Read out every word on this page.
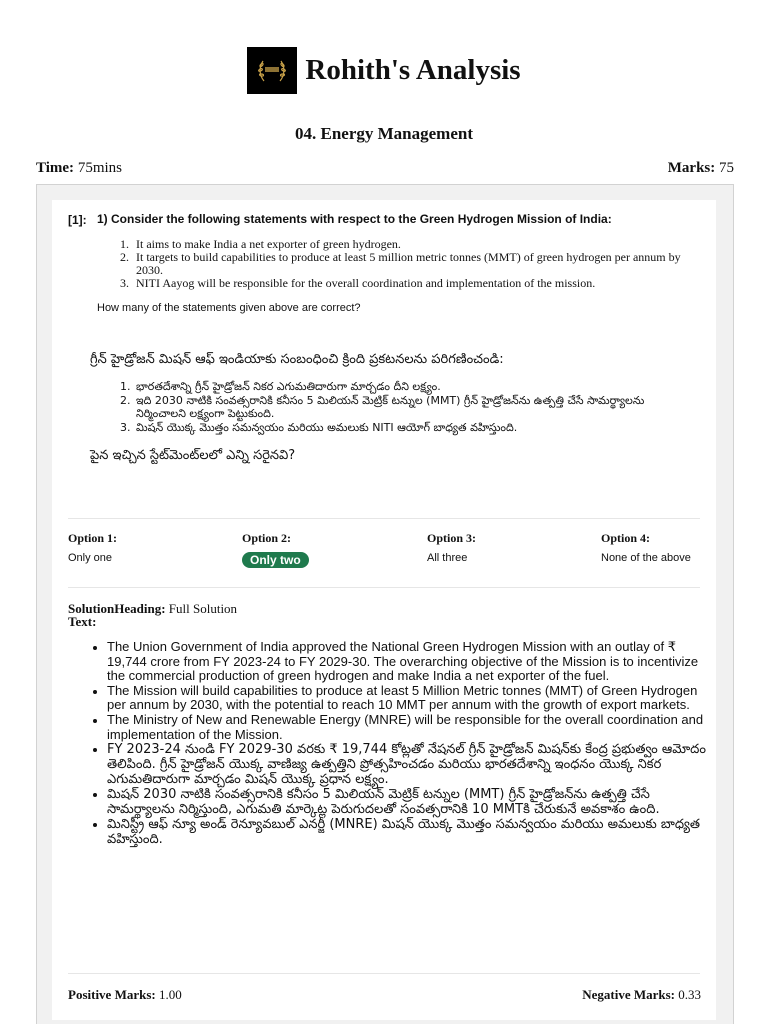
Rohith's Analysis
04. Energy Management
Time: 75mins	Marks: 75
[1]: 1) Consider the following statements with respect to the Green Hydrogen Mission of India:
1. It aims to make India a net exporter of green hydrogen.
2. It targets to build capabilities to produce at least 5 million metric tonnes (MMT) of green hydrogen per annum by 2030.
3. NITI Aayog will be responsible for the overall coordination and implementation of the mission.
How many of the statements given above are correct?
గ్రీన్ హైడ్రోజన్ మిషన్ ఆఫ్ ఇండియాకు సంబంధించి క్రింది ప్రకటనలను పరిగణించండి:
1. భారతదేశాన్ని గ్రీన్ హైడ్రోజన్ నికర ఎగుమతిదారుగా మార్చడం దీని లక్ష్యం.
2. ఇది 2030 నాటికి సంవత్సరానికి కనీసం 5 మిలియన్ మెట్రిక్ టన్నుల (MMT) గ్రీన్ హైడ్రోజన్‌ను ఉత్పత్తి చేసే సామర్థ్యాలను నిర్మించాలని లక్ష్యంగా పెట్టుకుంది.
3. మిషన్ యొక్క మొత్తం సమన్వయం మరియు అమలుకు NITI ఆయోగ్ బాధ్యత వహిస్తుంది.
పైన ఇచ్చిన స్టేట్‌మెంట్‌లలో ఎన్ని సరైనవి?
Option 1:
Only one
Option 2:
Only two
Option 3:
All three
Option 4:
None of the above
SolutionHeading: Full Solution
Text:
The Union Government of India approved the National Green Hydrogen Mission with an outlay of ₹ 19,744 crore from FY 2023-24 to FY 2029-30. The overarching objective of the Mission is to incentivize the commercial production of green hydrogen and make India a net exporter of the fuel.
The Mission will build capabilities to produce at least 5 Million Metric tonnes (MMT) of Green Hydrogen per annum by 2030, with the potential to reach 10 MMT per annum with the growth of export markets.
The Ministry of New and Renewable Energy (MNRE) will be responsible for the overall coordination and implementation of the Mission.
FY 2023-24 నుండి FY 2029-30 వరకు ₹ 19,744 కోట్లతో నేషనల్ గ్రీన్ హైడ్రోజన్ మిషన్‌కు కేంద్ర ప్రభుత్వం ఆమోదం తెలిపింది. గ్రీన్ హైడ్రోజన్ యొక్క వాణిజ్య ఉత్పత్తిని ప్రోత్సహించడం మరియు భారతదేశాన్ని ఇంధనం యొక్క నికర ఎగుమతిదారుగా మార్చడం మిషన్ యొక్క ప్రధాన లక్ష్యం.
మిషన్ 2030 నాటికి సంవత్సరానికి కనీసం 5 మిలియన్ మెట్రిక్ టన్నుల (MMT) గ్రీన్ హైడ్రోజన్‌ను ఉత్పత్తి చేసే సామర్థ్యాలను నిర్మిస్తుంది, ఎగుమతి మార్కెట్ల పెరుగుదలతో సంవత్సరానికి 10 MMTకి చేరుకునే అవకాశం ఉంది.
మినిస్ట్రీ ఆఫ్ న్యూ అండ్ రెన్యూవబుల్ ఎనర్జీ (MNRE) మిషన్ యొక్క మొత్తం సమన్వయం మరియు అమలుకు బాధ్యత వహిస్తుంది.
Positive Marks: 1.00	Negative Marks: 0.33
